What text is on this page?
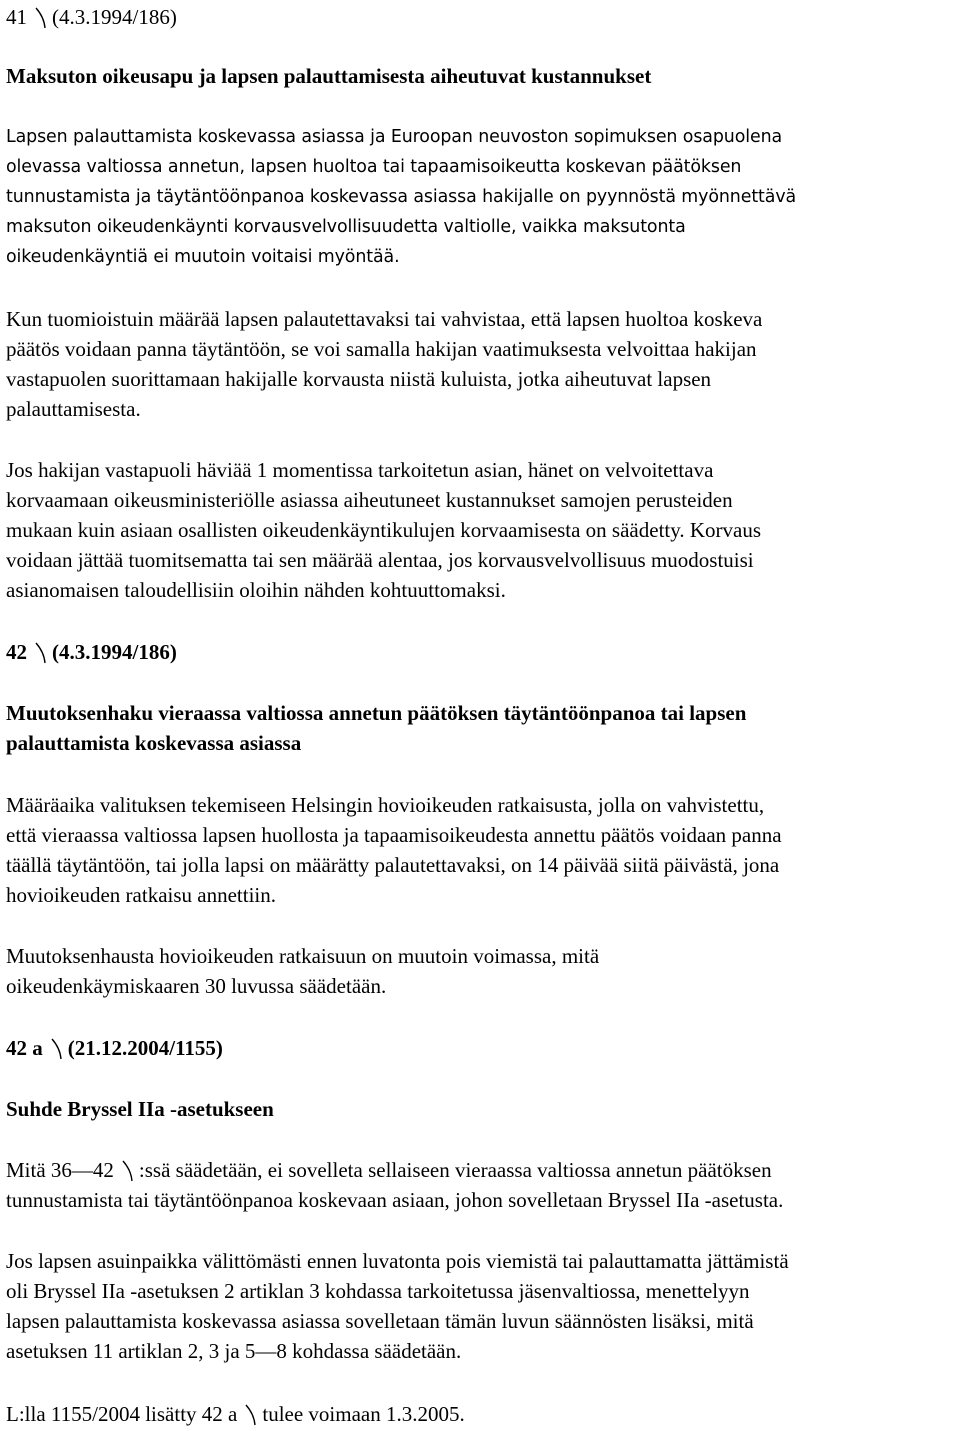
41 (4.3.1994/186)
Maksuton oikeusapu ja lapsen palauttamisesta aiheutuvat kustannukset
Lapsen palauttamista koskevassa asiassa ja Euroopan neuvoston sopimuksen osapuolena
olevassa valtiossa annetun, lapsen huoltoa tai tapaamisoikeutta koskevan päätöksen
tunnustamista ja täytäntöönpanoa koskevassa asiassa hakijalle on pyynnöstä myönnettävä
maksuton oikeudenkäynti korvausvelvollisuudetta valtiolle, vaikka maksutonta
oikeudenkäyntiä ei muutoin voitaisi myöntää.
Kun tuomioistuin määrää lapsen palautettavaksi tai vahvistaa, että lapsen huoltoa koskeva
päätös voidaan panna täytäntöön, se voi samalla hakijan vaatimuksesta velvoittaa hakijan
vastapuolen suorittamaan hakijalle korvausta niistä kuluista, jotka aiheutuvat lapsen
palauttamisesta.
Jos hakijan vastapuoli häviää 1 momentissa tarkoitetun asian, hänet on velvoitettava
korvaamaan oikeusministeriölle asiassa aiheutuneet kustannukset samojen perusteiden
mukaan kuin asiaan osallisten oikeudenkäyntikulujen korvaamisesta on säädetty. Korvaus
voidaan jättää tuomitsematta tai sen määrää alentaa, jos korvausvelvollisuus muodostuisi
asianomaisen taloudellisiin oloihin nähden kohtuuttomaksi.
42 (4.3.1994/186)
Muutoksenhaku vieraassa valtiossa annetun päätöksen täytäntöönpanoa tai lapsen
palauttamista koskevassa asiassa
Määräaika valituksen tekemiseen Helsingin hovioikeuden ratkaisusta, jolla on vahvistettu,
että vieraassa valtiossa lapsen huollosta ja tapaamisoikeudesta annettu päätös voidaan panna
täällä täytäntöön, tai jolla lapsi on määrätty palautettavaksi, on 14 päivää siitä päivästä, jona
hovioikeuden ratkaisu annettiin.
Muutoksenhausta hovioikeuden ratkaisuun on muutoin voimassa, mitä
oikeudenkäymiskaaren 30 luvussa säädetään.
42 a (21.12.2004/1155)
Suhde Bryssel IIa -asetukseen
Mitä 36—42 :ssä säädetään, ei sovelleta sellaiseen vieraassa valtiossa annetun päätöksen
tunnustamista tai täytäntöönpanoa koskevaan asiaan, johon sovelletaan Bryssel IIa -asetusta.
Jos lapsen asuinpaikka välittömästi ennen luvatonta pois viemistä tai palauttamatta jättämistä
oli Bryssel IIa -asetuksen 2 artiklan 3 kohdassa tarkoitetussa jäsenvaltiossa, menettelyyn
lapsen palauttamista koskevassa asiassa sovelletaan tämän luvun säännösten lisäksi, mitä
asetuksen 11 artiklan 2, 3 ja 5—8 kohdassa säädetään.
L:lla 1155/2004 lisätty 42 a tulee voimaan 1.3.2005.
